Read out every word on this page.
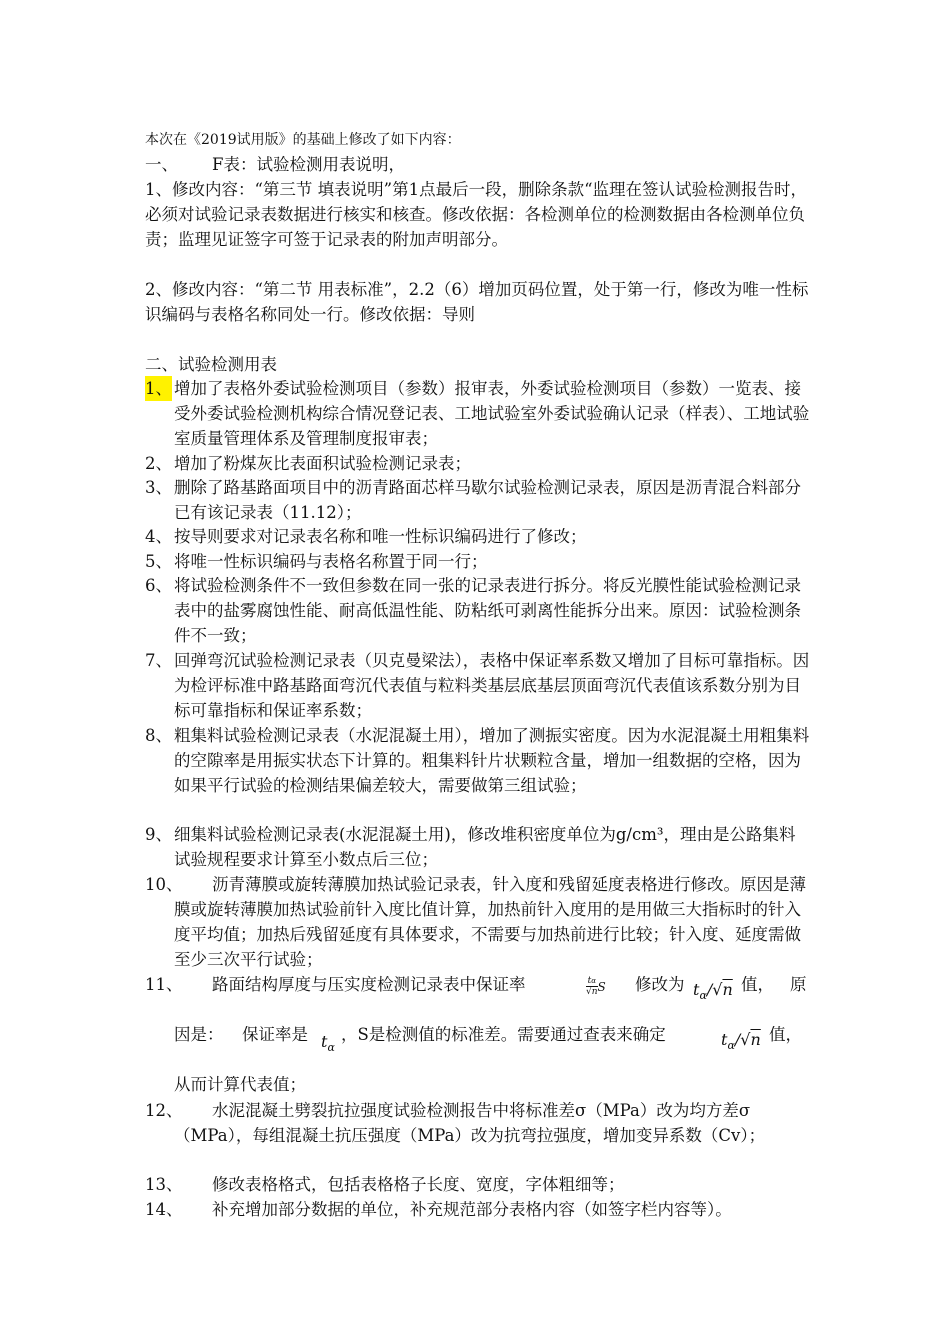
本次在《2019试用版》的基础上修改了如下内容：
一、 F表：试验检测用表说明，
1、修改内容：“第三节 填表说明”第1点最后一段，删除条款“监理在签认试验检测报告时，必须对试验记录表数据进行核实和核查。修改依据：各检测单位的检测数据由各检测单位负责；监理见证签字可签于记录表的附加声明部分。
2、修改内容：“第二节 用表标准”，2.2（6）增加页码位置，处于第一行，修改为唯一性标识编码与表格名称同处一行。修改依据：导则
二、试验检测用表
1、 增加了表格外委试验检测项目（参数）报审表，外委试验检测项目（参数）一览表、接受外委试验检测机构综合情况登记表、工地试验室外委试验确认记录（样表）、工地试验室质量管理体系及管理制度报审表；
2、 增加了粉煤灰比表面积试验检测记录表；
3、 删除了路基路面项目中的沥青路面芯样马歇尔试验检测记录表，原因是沥青混合料部分已有该记录表（11.12）；
4、 按导则要求对记录表名称和唯一性标识编码进行了修改；
5、 将唯一性标识编码与表格名称置于同一行；
6、 将试验检测条件不一致但参数在同一张的记录表进行拆分。将反光膜性能试验检测记录表中的盐雾腐蚀性能、耐高低温性能、防粘纸可剥离性能拆分出来。原因：试验检测条件不一致；
7、 回弹弯沉试验检测记录表（贝克曼梁法），表格中保证率系数又增加了目标可靠指标。因为检评标准中路基路面弯沉代表值与粒料类基层底基层顶面弯沉代表值该系数分别为目标可靠指标和保证率系数；
8、 粗集料试验检测记录表（水泥混凝土用），增加了测振实密度。因为水泥混凝土用粗集料的空隙率是用振实状态下计算的。粗集料针片状颗粒含量，增加一组数据的空格，因为如果平行试验的检测结果偏差较大，需要做第三组试验；
9、 细集料试验检测记录表(水泥混凝土用)，修改堆积密度单位为g/cm³，理由是公路集料试验规程要求计算至小数点后三位；
10、	沥青薄膜或旋转薄膜加热试验记录表，针入度和残留延度表格进行修改。原因是薄膜或旋转薄膜加热试验前针入度比值计算，加热前针入度用的是用做三大指标时的针入度平均值；加热后残留延度有具体要求，不需要与加热前进行比较；针入度、延度需做至少三次平行试验；
11、 路面结构厚度与压实度检测记录表中保证率	$\frac{t\alpha}{√n}$ S 修改为 $t_\alpha/√n$ 值， 原
因是： 保证率是 $t_\alpha$
，S是检测值的标准差。需要通过查表来确定	$t_\alpha/√n$ 值，
从而计算代表值；
12、	水泥混凝土劈裂抗拉强度试验检测报告中将标准差σ（MPa）改为均方差σ（MPa），每组混凝土抗压强度（MPa）改为抗弯拉强度，增加变异系数（Cv）；
13、 修改表格格式，包括表格格子长度、宽度，字体粗细等；
14、 补充增加部分数据的单位，补充规范部分表格内容（如签字栏内容等）。
